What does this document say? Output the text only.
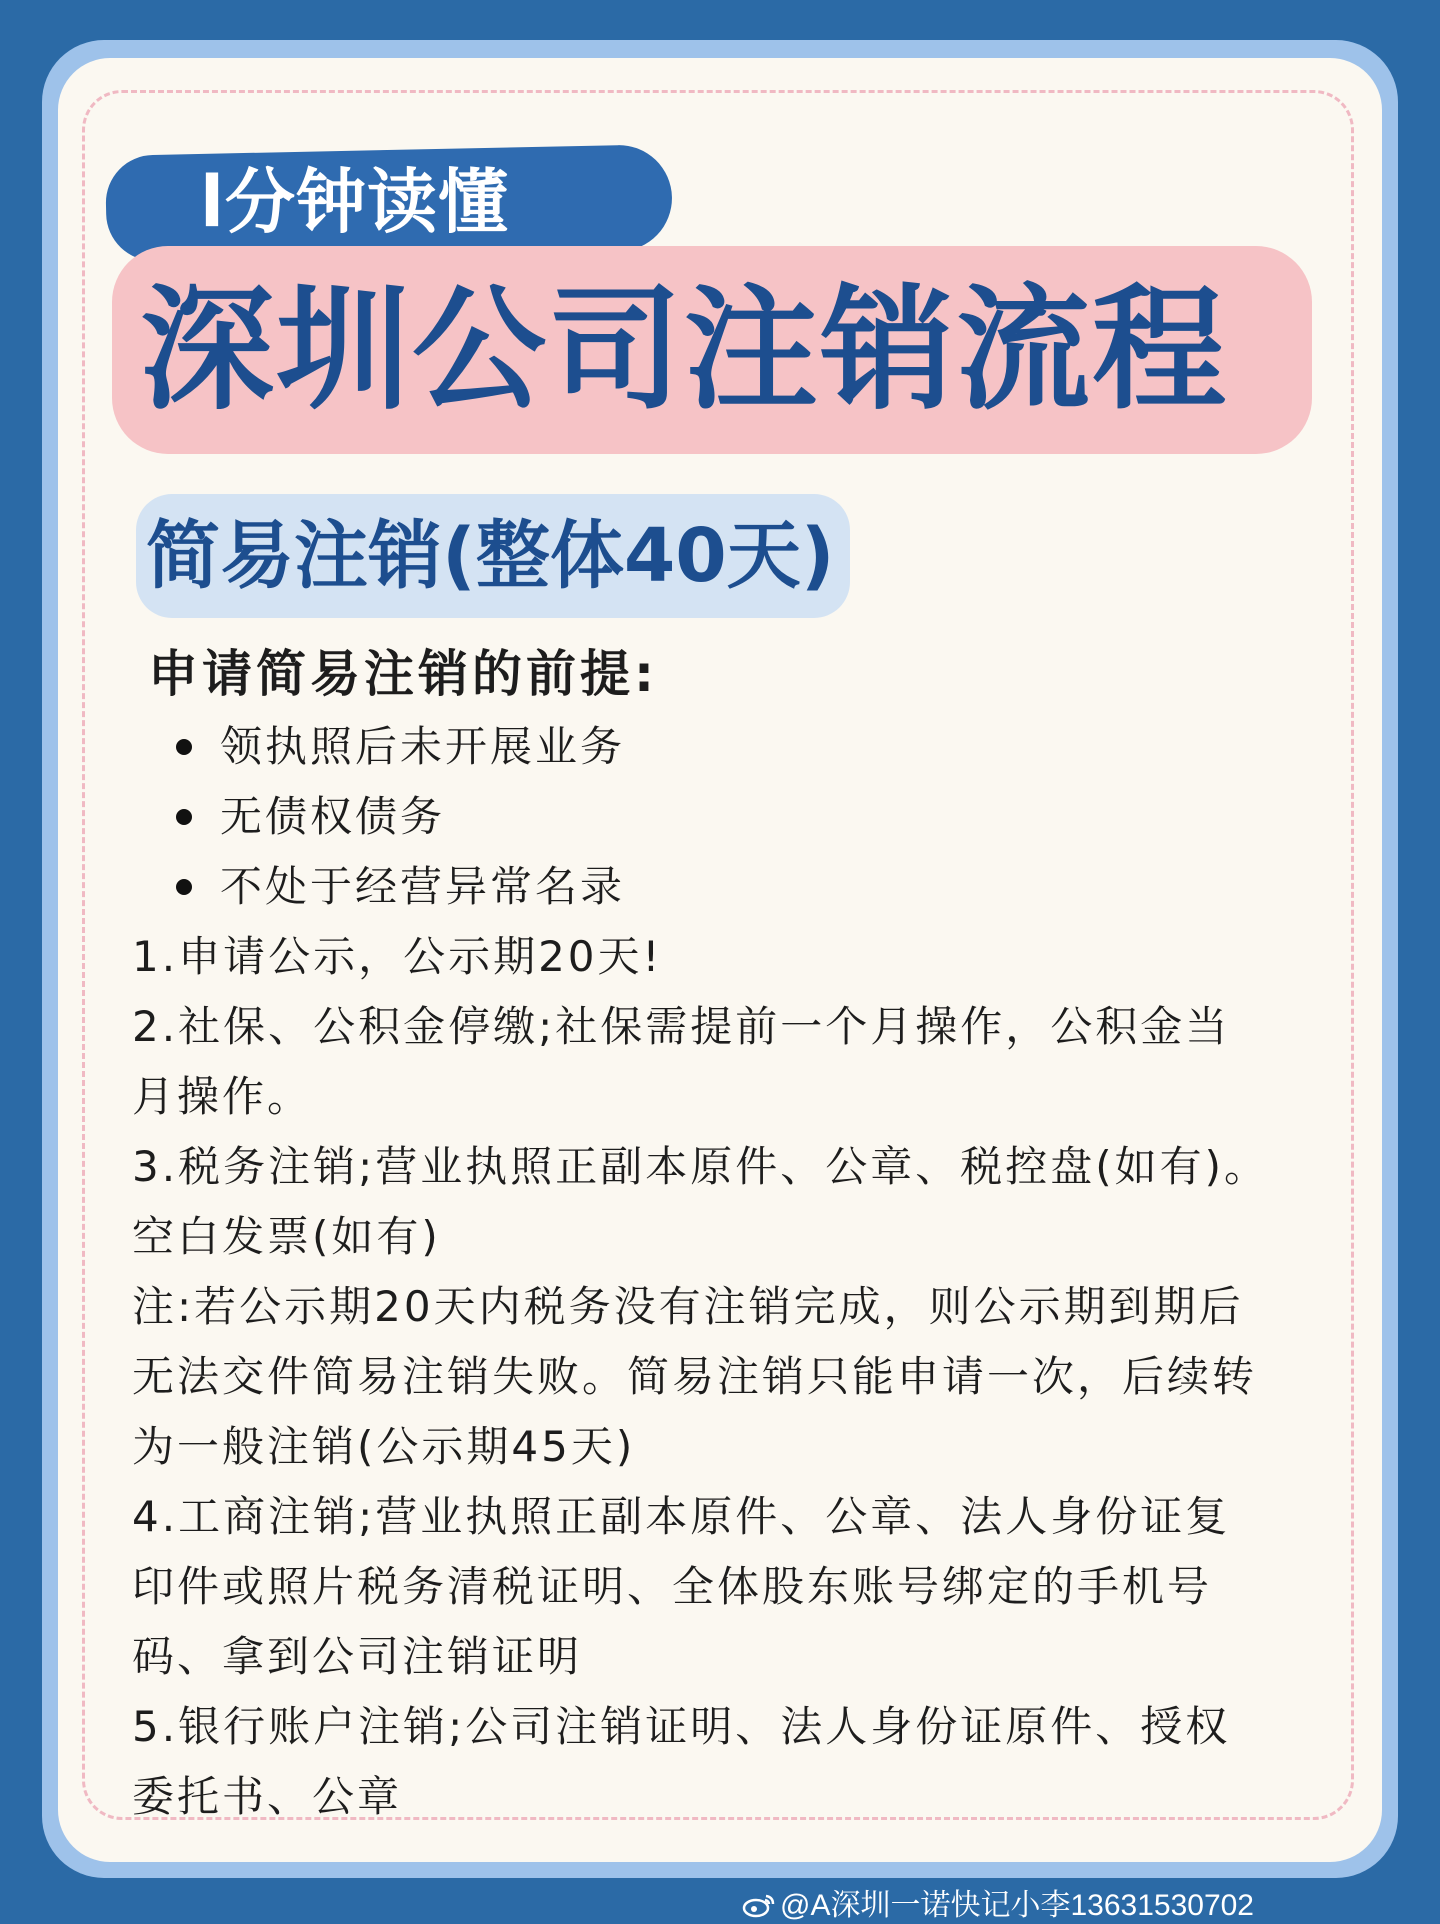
l分钟读懂
深圳公司注销流程
简易注销(整体40天)
申请简易注销的前提:
领执照后未开展业务
无债权债务
不处于经营异常名录
1.申请公示，公示期20天!
2.社保、公积金停缴;社保需提前一个月操作，公积金当
月操作。
3.税务注销;营业执照正副本原件、公章、税控盘(如有)。
空白发票(如有)
注:若公示期20天内税务没有注销完成，则公示期到期后
无法交件简易注销失败。简易注销只能申请一次，后续转
为一般注销(公示期45天)
4.工商注销;营业执照正副本原件、公章、法人身份证复
印件或照片税务清税证明、全体股东账号绑定的手机号
码、拿到公司注销证明
5.银行账户注销;公司注销证明、法人身份证原件、授权
委托书、公章
@A深圳一诺快记小李13631530702
